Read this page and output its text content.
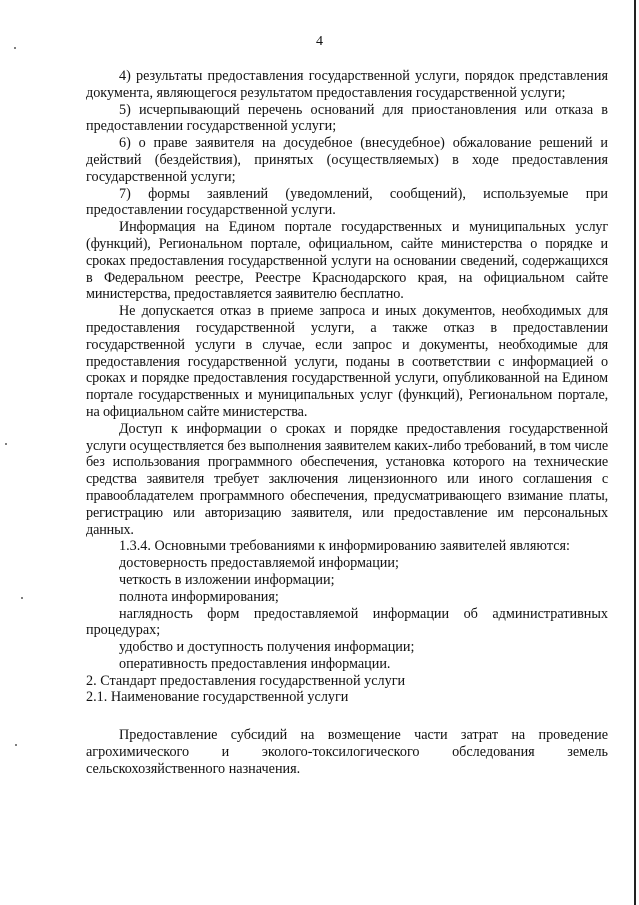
4

4) результаты предоставления государственной услуги, порядок представления документа, являющегося результатом предоставления государственной услуги;

5) исчерпывающий перечень оснований для приостановления или отказа в предоставлении государственной услуги;

6) о праве заявителя на досудебное (внесудебное) обжалование решений и действий (бездействия), принятых (осуществляемых) в ходе предоставления государственной услуги;

7) формы заявлений (уведомлений, сообщений), используемые при предоставлении государственной услуги.

Информация на Едином портале государственных и муниципальных услуг (функций), Региональном портале, официальном, сайте министерства о порядке и сроках предоставления государственной услуги на основании сведений, содержащихся в Федеральном реестре, Реестре Краснодарского края, на официальном сайте министерства, предоставляется заявителю бесплатно.

Не допускается отказ в приеме запроса и иных документов, необходимых для предоставления государственной услуги, а также отказ в предоставлении государственной услуги в случае, если запрос и документы, необходимые для предоставления государственной услуги, поданы в соответствии с информацией о сроках и порядке предоставления государственной услуги, опубликованной на Едином портале государственных и муниципальных услуг (функций), Региональном портале, на официальном сайте министерства.

Доступ к информации о сроках и порядке предоставления государственной услуги осуществляется без выполнения заявителем каких-либо требований, в том числе без использования программного обеспечения, установка которого на технические средства заявителя требует заключения лицензионного или иного соглашения с правообладателем программного обеспечения, предусматривающего взимание платы, регистрацию или авторизацию заявителя, или предоставление им персональных данных.

1.3.4. Основными требованиями к информированию заявителей являются:

достоверность предоставляемой информации;

четкость в изложении информации;

полнота информирования;

наглядность форм предоставляемой информации об административных процедурах;

удобство и доступность получения информации;

оперативность предоставления информации.

2. Стандарт предоставления государственной услуги

2.1. Наименование государственной услуги

Предоставление субсидий на возмещение части затрат на проведение агрохимического и эколого-токсилогического обследования земель сельскохозяйственного назначения.
